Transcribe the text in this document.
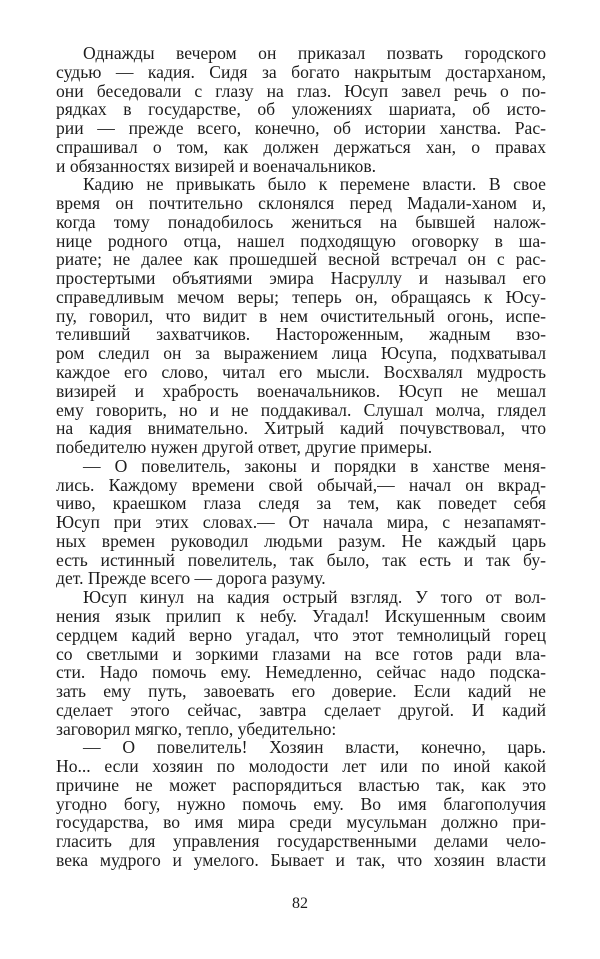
Однажды вечером он приказал позвать городского
судью — кадия. Сидя за богато накрытым достарханом,
они беседовали с глазу на глаз. Юсуп завел речь о по-
рядках в государстве, об уложениях шариата, об исто-
рии — прежде всего, конечно, об истории ханства. Рас-
спрашивал о том, как должен держаться хан, о правах
и обязанностях визирей и военачальников.
Кадию не привыкать было к перемене власти. В свое
время он почтительно склонялся перед Мадали-ханом и,
когда тому понадобилось жениться на бывшей налож-
нице родного отца, нашел подходящую оговорку в ша-
риате; не далее как прошедшей весной встречал он с рас-
простертыми объятиями эмира Насруллу и называл его
справедливым мечом веры; теперь он, обращаясь к Юсу-
пу, говорил, что видит в нем очистительный огонь, испе-
теливший захватчиков. Настороженным, жадным взо-
ром следил он за выражением лица Юсупа, подхватывал
каждое его слово, читал его мысли. Восхвалял мудрость
визирей и храбрость военачальников. Юсуп не мешал
ему говорить, но и не поддакивал. Слушал молча, глядел
на кадия внимательно. Хитрый кадий почувствовал, что
победителю нужен другой ответ, другие примеры.
— О повелитель, законы и порядки в ханстве меня-
лись. Каждому времени свой обычай,— начал он вкрад-
чиво, краешком глаза следя за тем, как поведет себя
Юсуп при этих словах.— От начала мира, с незапамят-
ных времен руководил людьми разум. Не каждый царь
есть истинный повелитель, так было, так есть и так бу-
дет. Прежде всего — дорога разуму.
Юсуп кинул на кадия острый взгляд. У того от вол-
нения язык прилип к небу. Угадал! Искушенным своим
сердцем кадий верно угадал, что этот темнолицый горец
со светлыми и зоркими глазами на все готов ради вла-
сти. Надо помочь ему. Немедленно, сейчас надо подска-
зать ему путь, завоевать его доверие. Если кадий не
сделает этого сейчас, завтра сделает другой. И кадий
заговорил мягко, тепло, убедительно:
— О повелитель! Хозяин власти, конечно, царь.
Но... если хозяин по молодости лет или по иной какой
причине не может распорядиться властью так, как это
угодно богу, нужно помочь ему. Во имя благополучия
государства, во имя мира среди мусульман должно при-
гласить для управления государственными делами чело-
века мудрого и умелого. Бывает и так, что хозяин власти
82
